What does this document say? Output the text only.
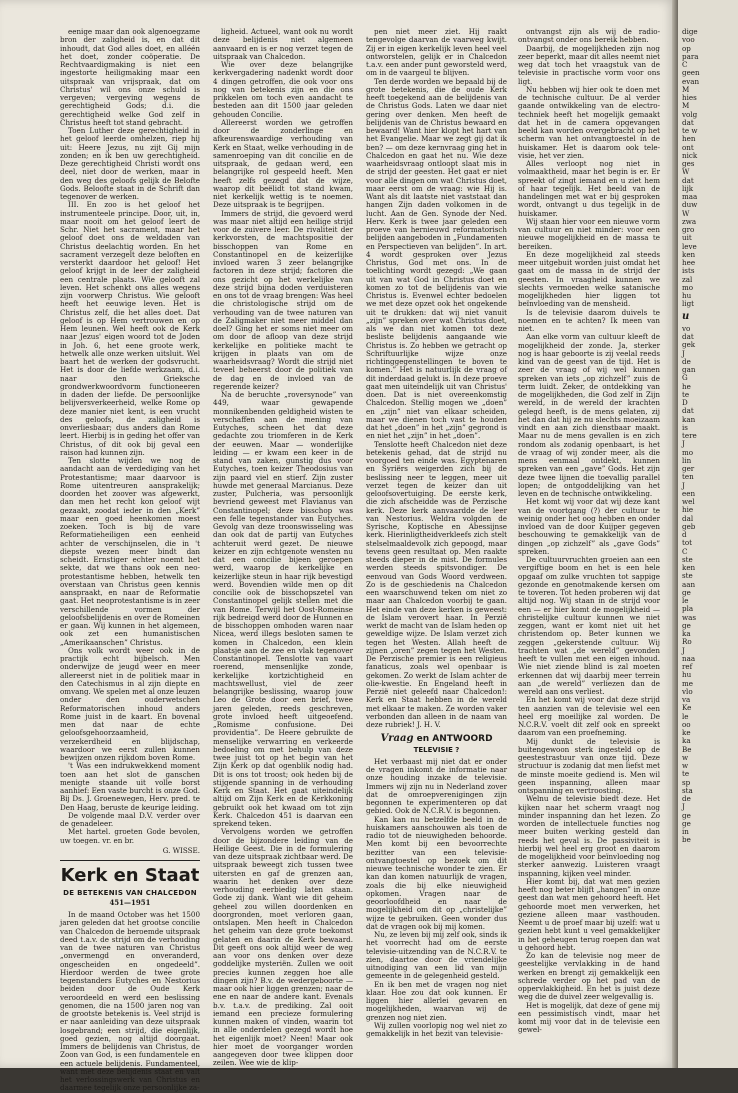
eenige maar dan ook algenoegzame bron der zaligheid is, en dat dit inhoudt, dat God alles doet, en alléén het doet, zonder coöperatie. De Rechtvaardigmaking is niet een ingestorte heiligmaking maar een uitspraak van vrijspraak, dat om Christus' wil ons onze schuld is vergeven; vergeving wegens de gerechtigheid Gods; d.i. die gerechtigheid welke God zelf in Christus heeft tot stand gebracht.

Toen Luther deze gerechtigheid in het geloof leerde omhelzen, riep hij uit: Heere Jezus, nu zijt Gij mijn zonden; en ik ben uw gerechtigheid. Deze gerechtigheid Christi wordt ons deel, niet door de werken, maar in den weg des geloofs gelijk de Belofte Gods. Beloofte staat in de Schrift dan tegenover de werken.

III. En zoo is het geloof het instrumenteele principe. Door, uit, in, maar nooit om het geloof leert de Schr. Niet het sacrament, maar het geloof doet ons de weldaden van Christus deelachtig worden. En het sacrament verzegelt deze beloften en versterkt daardoor het geloof! Het geloof krijgt in de leer der zaligheid een centrale plaats. Wie gelooft zal leven. Het schenkt ons alles wegens zijn voorwerp Christus. Wie gelooft heeft het eeuwige leven. Het is Christus zelf, die het alles doet. Dat geloof is op Hem vertrouwen en op Hem leunen. Wel heeft ook de Kerk naar Jezus' eigen woord tot de Joden in Joh. 6, het eene groote werk, hetwelk alle onze werken uitsluit. Wel baart het de werken der godsvrucht. Het is door de liefde werkzaam, d.i. naar den Grieksche grondwerkwoordvorm functioneeren in daden der liefde. De persoonlijke belijversverkeerheid, welke Rome op deze manier niet kent, is een vrucht des geloofs, de zaligheid is onverliesbaar; dus anders dan Rome leert. Hierbij is in geding het offer van Christus, of dit ook bij geval een raison had kunnen zijn.

Ten slotte wijden we nog de aandacht aan de verdediging van het Protestantisme; maar daarvoor is Rome uitentreuren aansprakelijk; doorden het zoover was afgewerkt, dan men het recht kon geloof wijt gezaakt, zoodat ieder in den „Kerk” maar een goed heenkomen moest zoeken. Toch is bij de vare Reformatieheiligen een eenheid achter de verschijnselen, die in 't diepste wezen meer bindt dan scheidt. Ernstiger echter noemt het sekte, dat we thans ook een neo-protestantisme hebben, hetwelk ten overstaan van Christus geen kennis aanspraakt, en naar de Reformatie gaat. Het neoprotestantisme is in zeer verschillende vormen der geloofsbelijdenis en over de Romeinen er gaan. Wij kunnen in het algemeen, ook zet een humanistischen „Amerikaanschen” Christus.

Ons volk wordt weer ook in de practijk echt bijbelsch. Men onderwijze de jeugd weer en meer allereerst niet in de politiek maar in den Catechismus in al zijn diepte en omvang. We spelen met al onze leuzen onder den ouderwetschen Reformatorischen inhoud anders Rome juist in de kaart. En bovenal men dat naar de echte geloofsgehoorzaamheid, verzekerdheid en blijdschap, waardoor we eerst zullen kunnen bewijzen onzen rijkdom boven Rome.

't Was een indrukwekkend moment toen aan het slot de ganschen menigte staande uit volle borst aanhief: Een vaste burcht is onze God. Bij Ds. J. Groenewegen, Herv. pred. te Den Haag, beruste de keurige leiding.

De volgende maal D.V. verder over de genadeleer.

Met hartel. groeten Gode bevolen, uw toegen. vr. en br.

G. WISSE.

Kerk en Staat
DE BETEKENIS VAN CHALCEDON
451—1951

In de maand October was het 1500 jaren geleden dat het grootse concilie van Chalcedon de beroemde uitspraak deed t.a.v. de strijd om de verhouding van de twee naturen van Christus „onvermengd en onveranderd, ongescheiden en ongedeeld”. Hierdoor werden de twee grote tegenstanders Eutyches en Nestorius beiden door de Oude Kerk veroordeeld en werd een beslissing genomen, die na 1500 jaren nog van de grootste betekenis is. Veel strijd is er naar aanleiding van deze uitspraak losgebrand; een strijd, die eigenlijk, goed gezien, nog altijd doorgaat. Immers de belijdenis van Christus, de Zoon van God, is een fundamentele en een actuele belijdenis. Fundamenteel, want met deze belijdenis staat en valt het verlossingswerk van Christus en daarmee tegelijk onze persoonlijke za-

ligheid. Actueel, want ook nu wordt deze belijdenis niet algemeen aanvaard en is er nog verzet tegen de uitspraak van Chalcedon.

Wie over deze belangrijke kerkvergadering nadenkt wordt door 4 dingen getroffen, die ook voor ons nog van betekenis zijn en die ons prikkelen om toch even aandacht te besteden aan dit 1500 jaar geleden gehouden Concilie.

Allereerst worden we getroffen door de zonderlinge en afkeurenswaardige verhouding van Kerk en Staat, welke verhouding in de samenroeping van dit concilie en de uitspraak, de gedaan werd, een belangrijke rol gespeeld heeft. Men heeft zelfs gezegd dat de wijze, waarop dit beëlidt tot stand kwam, niet kerkelijk wettig is te noemen. Deze uitspraak is te begrijpen.

Immers de strijd, die gevoerd werd was maar niet altijd een heilige strijd voor de zuivere leer. De rivaliteit der kerkvorsten, de machtspositie der bisschoppen van Rome en Constantinopel en de keizerlijke invloed waren 3 zeer belangrijke factoren in deze strijd; factoren die ons gezicht op het werkelijke van deze strijd bijna doden verduisteren en ons tot de vraag brengen: Was heel die christologische strijd om de verhouding van de twee naturen van de Zaligmaker niet meer middel dan doel? Ging het er soms niet meer om om door de afloop van deze strijd kerkelijke en politieke macht te krijgen in plaats van om de waarheidsvraag? Wordt die strijd niet teveel beheerst door de politiek van de dag en de invloed van de regerende keizer?

Na de beruchte „roversynode” van 449, waar gewapende monnikenbenden geldigheid wisten te verschaffen aan de mening van Eutyches, scheen het dat deze gedachte zou triomferen in de Kerk der eeuwen. Maar — wonderlijke leiding — er kwam een keer in de stand van zaken, gunstig dus voor Eutyches, toen keizer Theodosius van zijn paard viel en stierf. Zijn zuster huwde met generaal Marcianus. Deze zuster, Pulcheria, was persoonlijk bevriend geweest met Flavianus van Constantinopel; deze bisschop was een felle tegenstander van Eutyches. Gevolg van deze troonswisseling was dan ook dat de partij van Eutyches achteruit werd gezet. De nieuwe keizer en zijn echtgenote wensten nu dat een concilie bijeen geroepen werd, waarop de kerkelijke en keizerlijke steun in haar rijk bevestigd werd. Bovendien wilde men op dit concilie ook de bisschopszetel van Constantinopel gelijk stellen met die van Rome. Terwijl het Oost-Romeinse rijk bedreigd werd door de Hunnen en de bisschoppen omhoden waren naar Nicea, werd illegs besloten samen te komen in Chalcedon, een klein plaatsje aan de zee en vlak tegenover Constantinopel. Tenslotte van vaart roerend, mensenlijke zonde, kerkelijke kortzichtigheid en machtswellust, viel de zeer belangrijke beslissing, waarop jouw Leo de Grote door een brief, twee jaren geleden, reeds geschreven, grote invloed heeft uitgeoefend. „Romisme confusione. Dei providentia”. De Heere gebruikte de menselijke verwarring en verkeerde bedoeling om met behulp van deze twee juist tot op het begin van het Zijn Kerk op dat ogenblik nodig had. Dit is ons tot troost; ook heden bij de stijgende spanning in de verhouding Kerk en Staat. Het gaat uiteindelijk altijd om Zijn Kerk en de Kerkkoning gebruikt ook het kwaad om tot zijn Kerk. Chalcedon 451 is daarvan een sprekend teken.

Vervolgens worden we getroffen door de bijzondere leiding van de Heilige Geest. Die in de formulering van deze uitspraak zichtbaar werd. De uitspraak beweegt zich tussen twee uitersten en gaf de grenzen aan, waarin het denken over deze verhouding eerbiedig laten staan. Gode zij dank. Want wie dit geheim geheel zou willen doordenken en doorgronden, moet verloren gaan, ontslapen. Men heeft in Chalcedon het geheim van deze grote toekomst gelaten en daarin de Kerk bewaard. Dit geeft ons ook altijd weer de weg aan voor ons denken over deze goddelijke mysteriën. Zullen we ooit precies kunnen zeggen hoe alle dingen zijn? B.v. de wedergeboorte — maar ook hier liggen grenzen; naar de ene en naar de andere kant. Evenals b.v. t.a.v. de prediking. Zal ooit iemand een precieze formulering kunnen maken of vinden, waarin tot in alle onderdelen gezegd wordt hoe het eigenlijk moet? Neen! Maar ook hier moet de voorganger worden aangegeven door twee klippen door zeilen. Wee wie de klip-

pen niet meer ziet. Hij raakt tengevolge daarvan de vaarweg kwijt. Zij er in eigen kerkelijk leven heel veel ontworstelen, gelijk er in Chalcedon t.a.v. een ander punt geworsteld werd, om in de vaargeul te blijven.

Ten derde worden we bepaald bij de grote betekenis, die de oude Kerk heeft toegekend aan de belijdenis van de Christus Gods. Laten we daar niet gering over denken. Men heeft de belijdenis van de Christus bewaard en bewaard! Want hier klopt het hart van het Evangelie. Maar we zegt gij dat ik ben? — om deze kernvraag ging het in Chalcedon en gaat het nu. Wie deze waarheidsvraag ontloopt slaat mis in de strijd der geesten. Het gaat er niet voor alle dingen om wat Christus doet, maar eerst om de vraag: wie Hij is. Want als dit laatste niet vaststaat dan hangen Zijn daden volkomen in de lucht. Aan de Gen. Synode der Ned. Herv. Kerk is twee jaar geleden een proeve van hernieuwd reformatorisch belijden aangeboden in „Fundamenten en Perspectieven van belijden”. In art. 4 wordt gesproken over Jezus Christus, God met ons. In de toelichting wordt gezegd: „We gaan uit van wat God in Christus doet en komen zo tot de belijdenis van wie Christus is. Evenwel echter bedoelen we met deze opzet ook het ongekende uit te drukken: dat wij niet vanuit „zijn” spreken over wat Christus doet, als we dan niet komen tot deze besliste belijdenis aangaande wie Christus is. Zo hebben we getracht op Schriftuurlijke wijze onze richtinggegenstellingen te boven te komen.” Het is natuurlijk de vraag of dit inderdaad gelukt is. In deze proeve gaat men uiteindelijk uit van Christus' doen. Dat is niet overeenkomstig Chalcedon. Stellig mogen we „doen” en „zijn” niet van elkaar scheiden, maar we dienen toch vast te houden dat het „doen” in het „zijn” gegrond is en niet het „zijn” in het „doen”.

Tenslotte heeft Chalcedon niet deze betekenis gehad, dat de strijd nu voorgoed ten einde was. Egyptenaren en Syriërs weigerden zich bij de beslissing neer te leggen, meer uit verzet tegen de keizer dan uit geloofsovertuiging. De eerste kerk, die zich afscheidde was de Perzische kerk. Deze kerk aanvaardde de leer van Nestorius. Weldra volgden de Syrische, Koptische en Abessijnse kerk. Hierinligtheidverkleefs zich stelt stelselmaaldevolk zich gepoogd, maar tevens geen resultaat op. Men raakte steeds dieper in de mist. De formules werden steeds spitsvondiger. De eenvoud van Gods Woord verdween. Zo is de geschiedenis na Chalcedon een waarschuwend teken om niet zo maar aan Chalcedon voorbij te gaan. Het einde van deze kerken is geweest: de Islam verovert haar. In Perzië werkt de macht van de Islam heden op geweldige wijze. De Islam verzet zich tegen het Westen. Allah heeft de zijnen „oren” zegen tegen het Westen. De Perzische premier is een religieus fanaticus, zoals wel openbaar is gekomen. Zo werkt de Islam achter de olie-kwestie. En Engeland heeft in Perzië niet geleefd naar Chalcedon!: Kerk en Staat hebben in de wereld met elkaar te maken. Ze worden vaker verbonden dan alleen in de naam van deze rubriek! J. H. V.

Vraag en ANTWOORD
TELEVISIE ?

Het verbaast mij niet dat er onder de vragen inkomt de informatie naar onze houding inzake de televisie. Immers wij zijn nu in Nederland zover dat de omroepverenigingen zijn begonnen te experimenteren op dat gebied. Ook de N.C.R.V. is begonnen.

Kan kan nu betzelfde beeld in de huiskamers aanschouwen als toen de radio tot de nieuwigheden behoorde. Men komt bij een bevoorrechte bezitter van een televisie-ontvangtoestel op bezoek om dit nieuwe technische wonder te zien. Er kan dan komen natuurlijk de vragen, zoals die bij elke nieuwigheid opkomen. Vragen naar de geoorloofdheid en naar de mogelijkheid om dit op „christelijke” wijze te gebruiken. Geen wonder dus dat de vragen ook bij mij komen.

Nu, ze leven bij mij zelf ook, sinds ik het voorrecht had om de eerste televisie-uitzending van de N.C.R.V. te zien, daartoe door de vriendelijke uitnodiging van een lid van mijn gemeente in de gelegenheid gesteld.

En ik ben met de vragen nog niet klaar. Hoe zou dat ook kunnen. Er liggen hier allerlei gevaren en mogelijkheden, waarvan wij de grenzen nog niet zien.

Wij zullen voorlopig nog wel niet zo gemakkelijk in het bezit van televisie-

ontvangst zijn als wij de radio-ontvangst onder ons bereik hebben.

Daarbij, de mogelijkheden zijn nog zeer beperkt, maar dit alles neemt niet weg dat toch het vraagstuk van de televisie in practische vorm voor ons ligt.

Nu hebben wij hier ook te doen met de technische cultuur. De al verder gaande ontwikkeling van de electro-techniek heeft het mogelijk gemaakt dat het in de camera opgevangen beeld kan worden overgebracht op het scherm van het ontvangtoestel in de huiskamer. Het is daarom ook tele-visie, het ver zien.

Alles verloopt nog niet in volmaaktheid, maar het begin is er. Er spreekt of zingt iemand en u ziet hem of haar tegelijk. Het beeld van de handelingen met wat er bij gesproken wordt, ontvangt u dus tegelijk in de huiskamer.

Wij staan hier voor een nieuwe vorm van cultuur en niet minder: voor een nieuwe mogelijkheid en de massa te bereiken.

En deze mogelijkheid zal steeds meer uitgebuit worden juist omdat het gaat om de massa in de strijd der geesten. In vraagheid kunnen we slechts vermoeden welke satanische mogelijkheden hier liggen tot beïnvloeding van de mensheid.

Is de televisie daarom duivels te noemen en te achten? Ik meen van niet.

Aan elke vorm van cultuur kleeft de mogelijkheid der zonde. Ja, sterker nog is haar geboorte is zij veelal reeds kind van de geest van de tijd. Het is zeer de vraag of wij wel kunnen spreken van iets „op zichzelf” zuis de term luidt. Zeker, de ontdekking van de mogelijkheden, die God zelf in Zijn wereld, in de wereld der krachten gelegd heeft, is de mens gelaten, zij het dan dat hij ze nu slechts moeizaam vindt en aan zich dienstbaar maakt. Maar nu de mens gevallen is en zich rondom als zodanig openbaart, is het de vraag of wij zonder meer, als die mens eenmaal ontdekt, kunnen spreken van een „gave” Gods. Het zijn deze twee lijnen die toevallig parallel lopen; de ontgoddelijking van het leven en de technische ontwikkeling.

Het komt wij voor dat wij deze kant van de voortgang (?) der cultuur te weinig onder het oog hebben en onder invloed van de door Kuijper gegeven beschouwing te gemakkelijk van de dingen „op zichzelf” als „gave Gods” spreken.

De cultuurvruchten groeien aan een vergiftige boom en het is een hele opgaaf om zulke vruchten tot sappige gezonde en genotmakende kersen om te toveren. Tot heden proberen wij dat altijd nog. Wij staan in de strijd voor een — er hier komt de mogelijkheid — christelijke cultuur kunnen we niet zeggen, want er komt niet uit het christendom op. Beter kunnen we zeggen „gekerstende cultuur. Wij trachten wat „de wereld” gevonden heeft te vullen met een eigen inhoud. Wie niet ziende blind is zal moeten erkennen dat wij daarbij meer terrein aan „de wereld” verliezen dan de wereld aan ons verliest.

En het komt wij voor dat deze strijd ten aanzien van de televisie wel een heel erg moeilijke zal worden. De N.C.R.V. voelt dit zelf ook en spreekt daarom van een proefneming.

Mij dunkt de televisie is buitengewoon sterk ingesteld op de geestestrastuur van onze tijd. Deze structuur is zodanig dat men liefst met de minste moeite gediend is. Men wil geen inspanning, alleen maar ontspanning en vertroosting.

Welnu de televisie biedt deze. Het kijken naar het scherm vraagt nog minder inspanning dan het lezen. Zo worden de intellectuele functies nog meer buiten werking gesteld dan reeds het geval is. De passiviteit is hierbij wel heel erg groot en daarom de mogelijkheid voor beïnvloeding nog sterker aanwezig. Luisteren vraagt inspanning, kijken veel minder.

Hier komt bij, dat wat men gezien heeft nog beter blijft „hangen” in onze geest dan wat men gehoord heeft. Het gehoorde moet men verwerken, het geziene alleen maar vasthouden. Neemt u de proef maar bij uzelf: wat u gezien hebt kunt u veel gemakkelijker in het geheugen terug roepen dan wat u gehoord hebt.

Zo kan de televisie nog meer de geestelijke vervlakking in de hand werken en brengt zij gemakkelijk een schrede verder op het pad van de oppervlakkigheid. En het is juist deze weg die de duivel zeer welgevallig is.

Het is mogelijk, dat deze of gene mij een pessimistisch vindt, maar het komt mij voor dat in de televisie een gewel-

dige
voo
op
para
C
geen
evan
M
hies
M
volg
dat
te w
hen
ont
nick
ges
W
dat
lijk
maa
duw
W
zwa
gro
uit
leve
ken
hee
ists
zal
mo
hu
ligt
u
vo
dat
gek
J
de
gan
G
he
te
D
dat
kan
is
tere
J
mo
lin
ger
ten
J
een
wel
hie
dal
geb
d
tot
C
ste
ken
ste
aan
ge
le
pla
was
ge
ka
Ro
J
naa
ref
hu
me
vlo
va
Ke
le
oo
ke
ka
Be
w
w
te
sp
sta
de
J
ge
ge
in
be
